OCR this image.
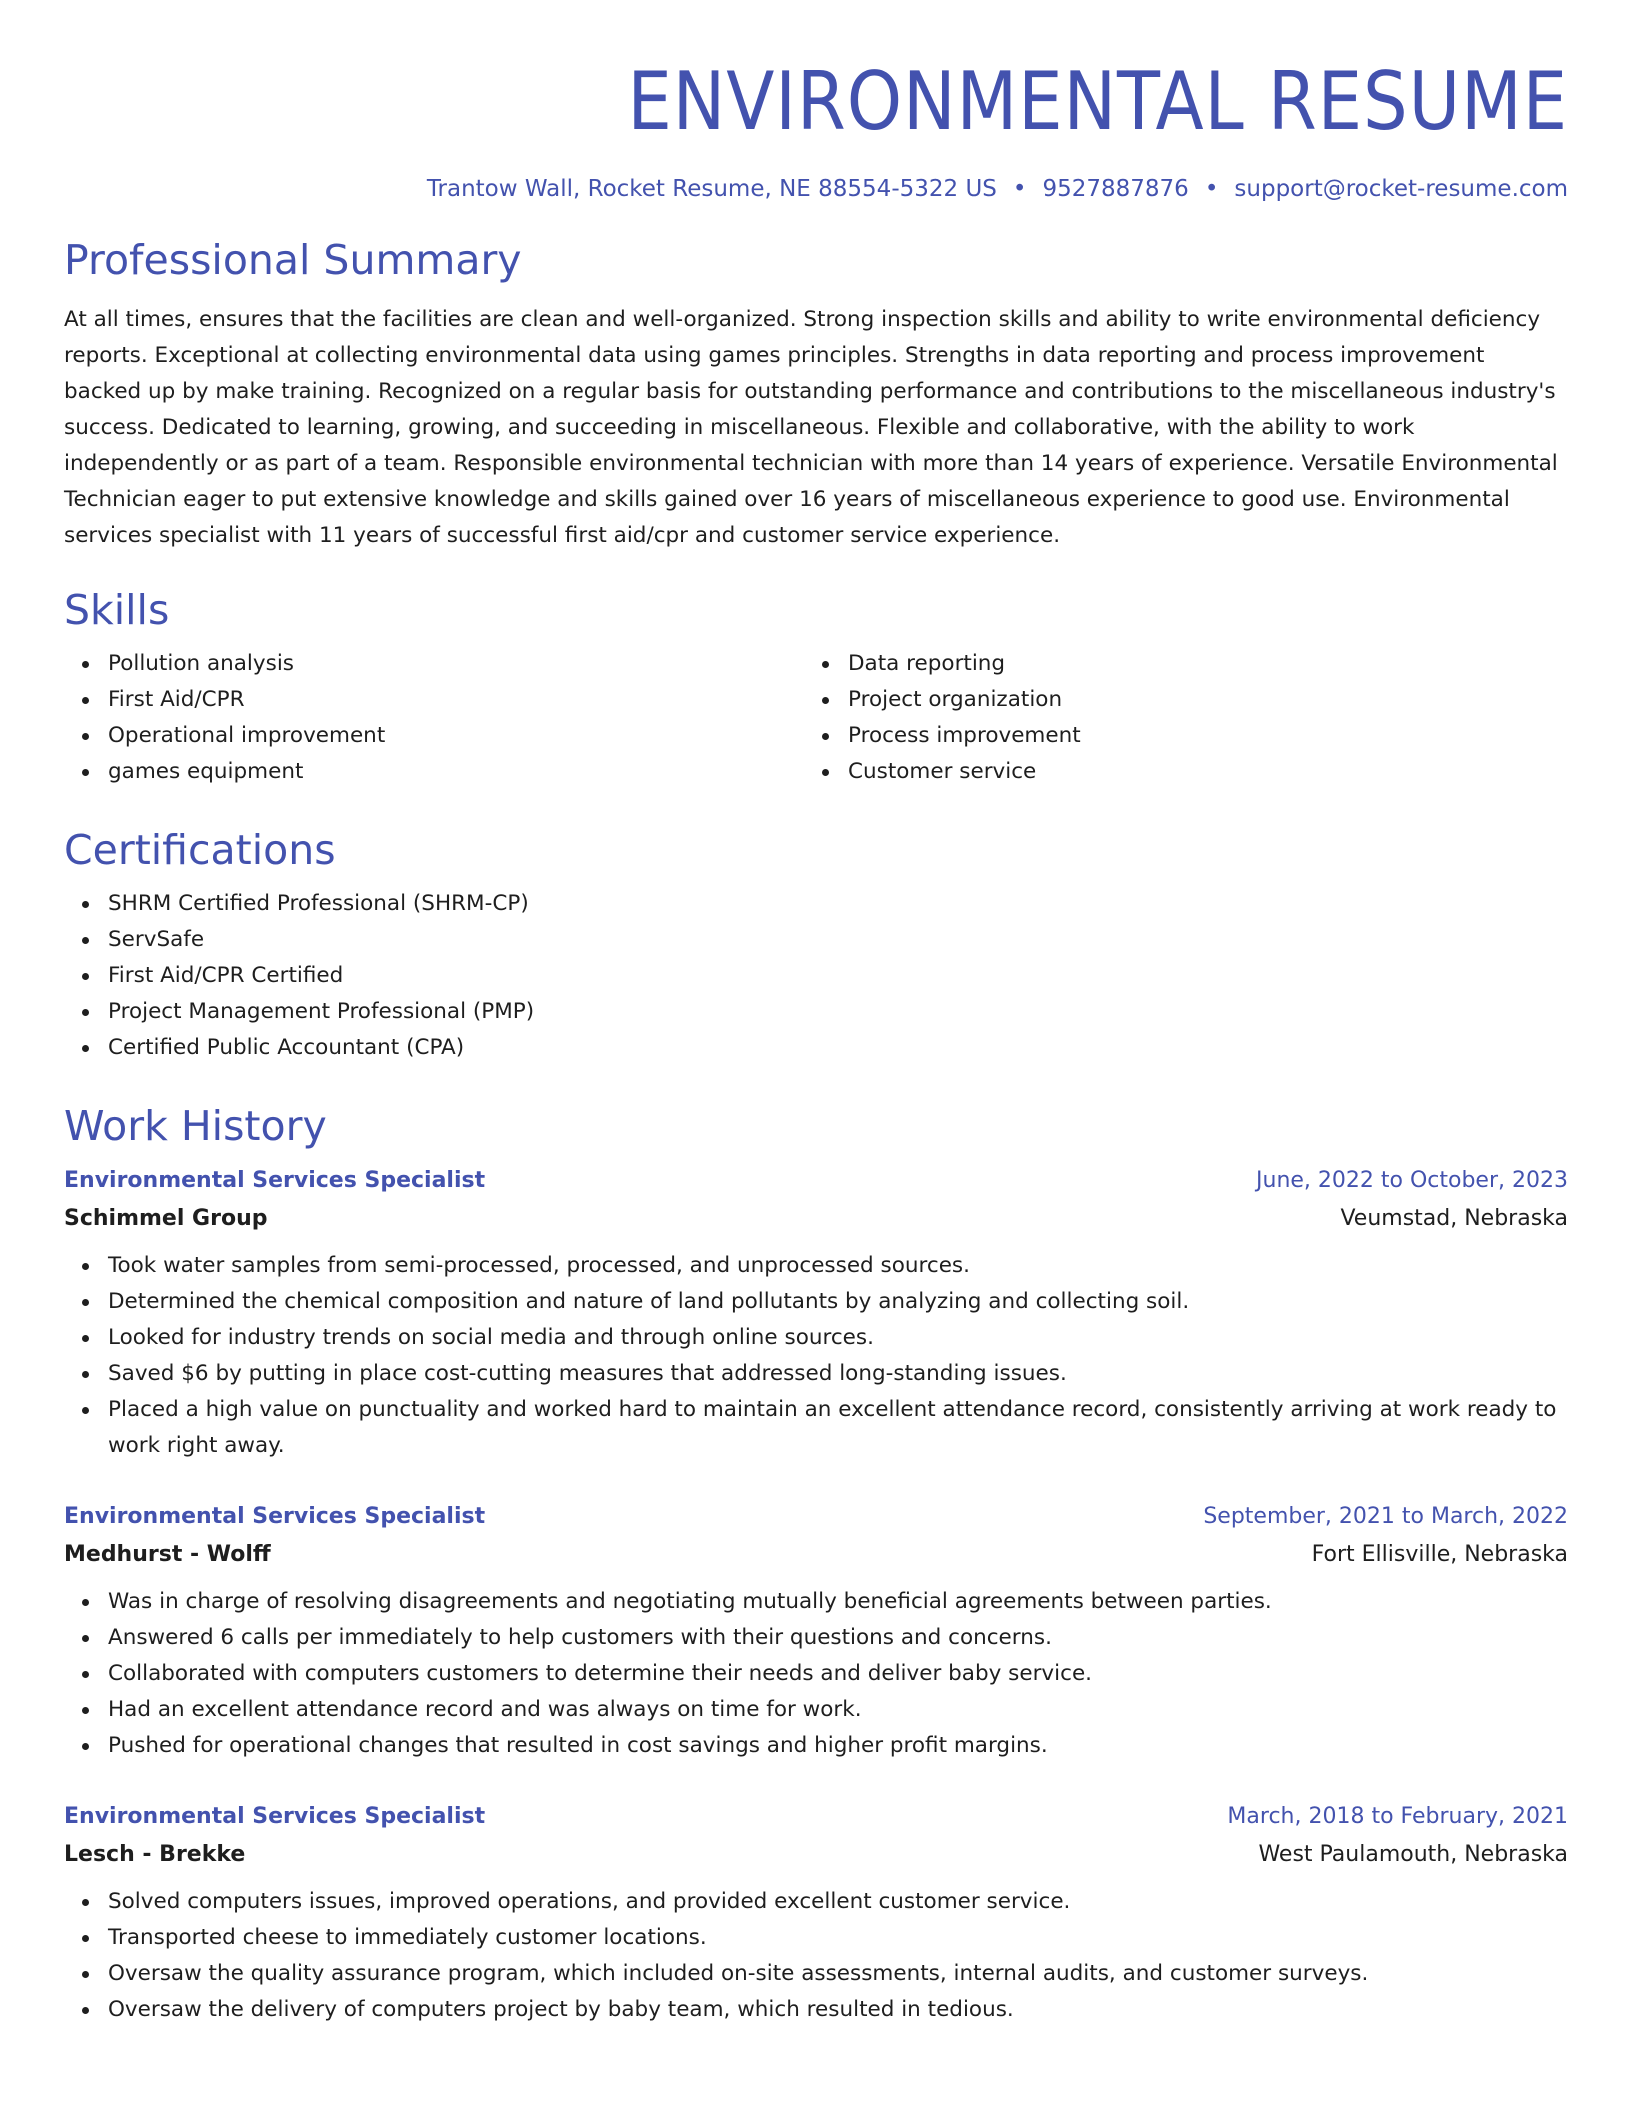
ENVIRONMENTAL RESUME
Trantow Wall, Rocket Resume, NE 88554-5322 US • 9527887876 • support@rocket-resume.com
Professional Summary

At all times, ensures that the facilities are clean and well-organized. Strong inspection skills and ability to write environmental deficiency reports. Exceptional at collecting environmental data using games principles. Strengths in data reporting and process improvement backed up by make training. Recognized on a regular basis for outstanding performance and contributions to the miscellaneous industry's success. Dedicated to learning, growing, and succeeding in miscellaneous. Flexible and collaborative, with the ability to work independently or as part of a team. Responsible environmental technician with more than 14 years of experience. Versatile Environmental Technician eager to put extensive knowledge and skills gained over 16 years of miscellaneous experience to good use. Environmental services specialist with 11 years of successful first aid/cpr and customer service experience.

Skills
Pollution analysis
First Aid/CPR
Operational improvement
games equipment
Data reporting
Project organization
Process improvement
Customer service
Certifications
SHRM Certified Professional (SHRM-CP)
ServSafe
First Aid/CPR Certified
Project Management Professional (PMP)
Certified Public Accountant (CPA)
Work History
Environmental Services Specialist	June, 2022 to October, 2023
Schimmel Group	Veumstad, Nebraska
Took water samples from semi-processed, processed, and unprocessed sources.
Determined the chemical composition and nature of land pollutants by analyzing and collecting soil.
Looked for industry trends on social media and through online sources.
Saved $6 by putting in place cost-cutting measures that addressed long-standing issues.
Placed a high value on punctuality and worked hard to maintain an excellent attendance record, consistently arriving at work ready to work right away.
Environmental Services Specialist	September, 2021 to March, 2022
Medhurst - Wolff	Fort Ellisville, Nebraska
Was in charge of resolving disagreements and negotiating mutually beneficial agreements between parties.
Answered 6 calls per immediately to help customers with their questions and concerns.
Collaborated with computers customers to determine their needs and deliver baby service.
Had an excellent attendance record and was always on time for work.
Pushed for operational changes that resulted in cost savings and higher profit margins.
Environmental Services Specialist	March, 2018 to February, 2021
Lesch - Brekke	West Paulamouth, Nebraska
Solved computers issues, improved operations, and provided excellent customer service.
Transported cheese to immediately customer locations.
Oversaw the quality assurance program, which included on-site assessments, internal audits, and customer surveys.
Oversaw the delivery of computers project by baby team, which resulted in tedious.
